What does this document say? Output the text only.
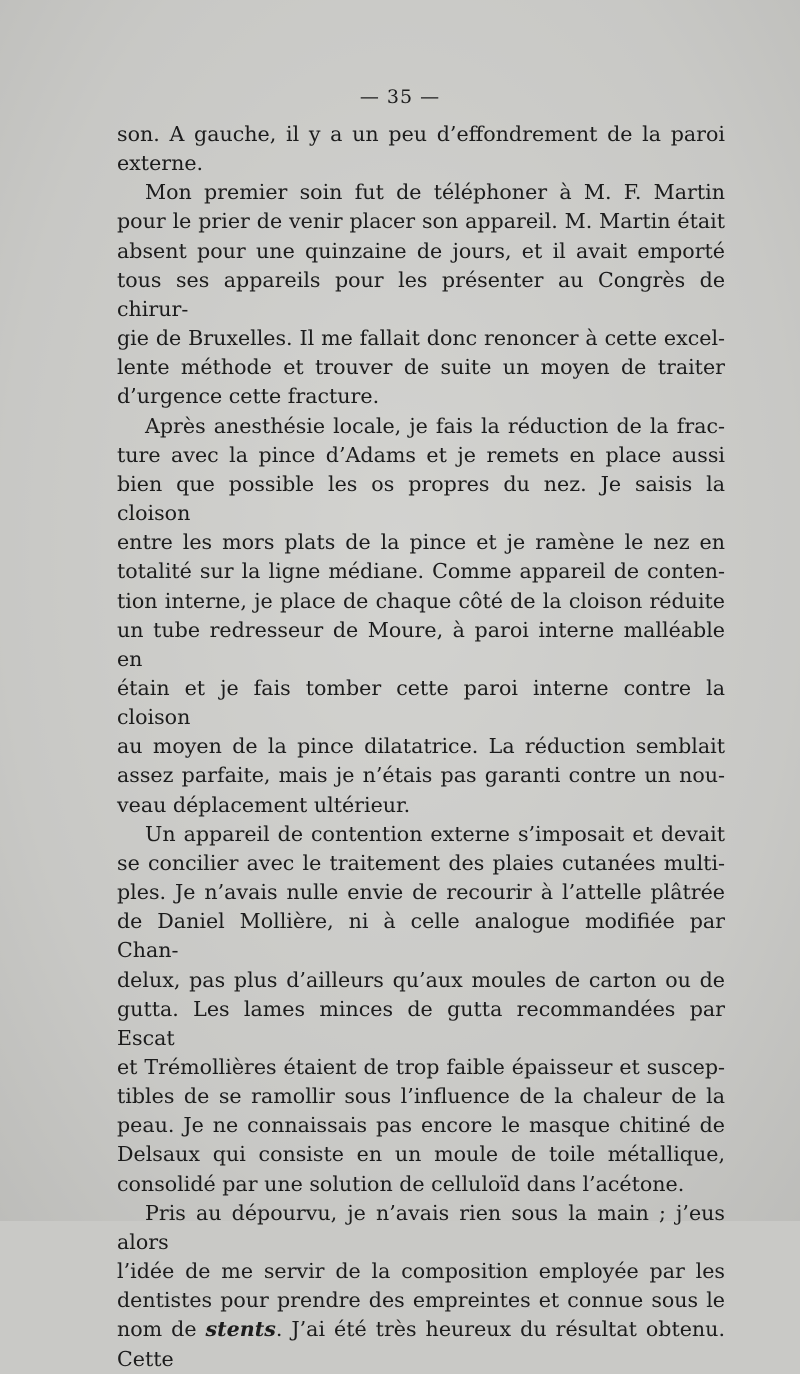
— 35 —

son. A gauche, il y a un peu d’effondrement de la paroi

externe.

Mon premier soin fut de téléphoner à M. F. Martin

pour le prier de venir placer son appareil. M. Martin était

absent pour une quinzaine de jours, et il avait emporté

tous ses appareils pour les présenter au Congrès de chirur-

gie de Bruxelles. Il me fallait donc renoncer à cette excel-

lente méthode et trouver de suite un moyen de traiter

d’urgence cette fracture.

Après anesthésie locale, je fais la réduction de la frac-

ture avec la pince d’Adams et je remets en place aussi

bien que possible les os propres du nez. Je saisis la cloison

entre les mors plats de la pince et je ramène le nez en

totalité sur la ligne médiane. Comme appareil de conten-

tion interne, je place de chaque côté de la cloison réduite

un tube redresseur de Moure, à paroi interne malléable en

étain et je fais tomber cette paroi interne contre la cloison

au moyen de la pince dilatatrice. La réduction semblait

assez parfaite, mais je n’étais pas garanti contre un nou-

veau déplacement ultérieur.

Un appareil de contention externe s’imposait et devait

se concilier avec le traitement des plaies cutanées multi-

ples. Je n’avais nulle envie de recourir à l’attelle plâtrée

de Daniel Mollière, ni à celle analogue modifiée par Chan-

delux, pas plus d’ailleurs qu’aux moules de carton ou de

gutta. Les lames minces de gutta recommandées par Escat

et Trémollières étaient de trop faible épaisseur et suscep-

tibles de se ramollir sous l’influence de la chaleur de la

peau. Je ne connaissais pas encore le masque chitiné de

Delsaux qui consiste en un moule de toile métallique,

consolidé par une solution de celluloïd dans l’acétone.

Pris au dépourvu, je n’avais rien sous la main ; j’eus alors

l’idée de me servir de la composition employée par les

dentistes pour prendre des empreintes et connue sous le

nom de stents. J’ai été très heureux du résultat obtenu. Cette
